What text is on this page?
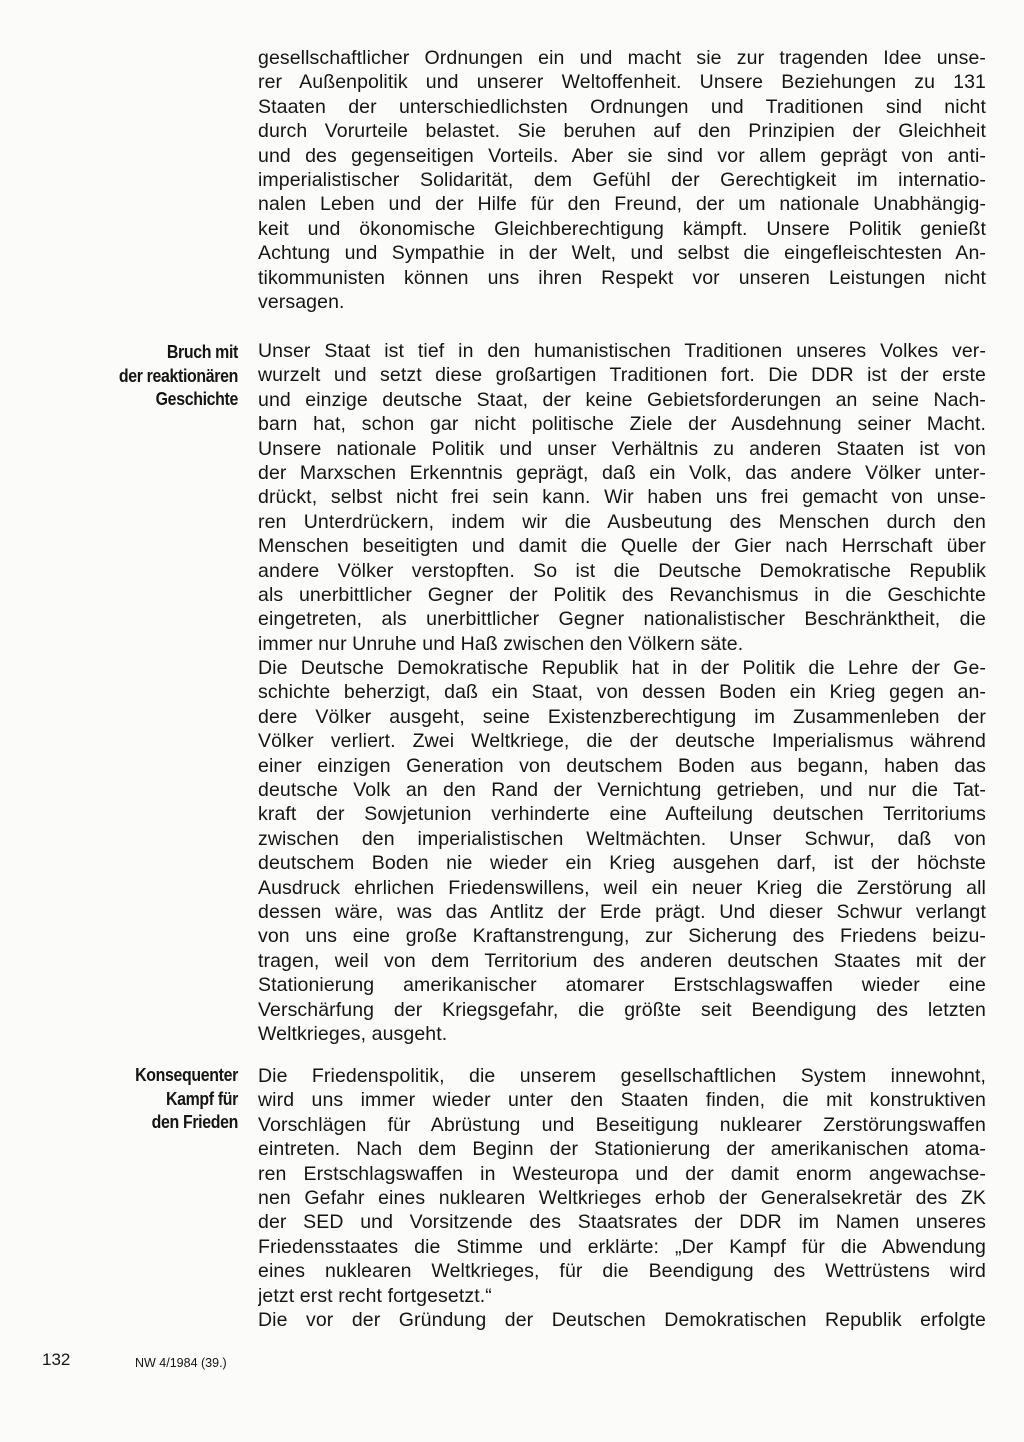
gesellschaftlicher Ordnungen ein und macht sie zur tragenden Idee unse-
rer Außenpolitik und unserer Weltoffenheit. Unsere Beziehungen zu 131
Staaten der unterschiedlichsten Ordnungen und Traditionen sind nicht
durch Vorurteile belastet. Sie beruhen auf den Prinzipien der Gleichheit
und des gegenseitigen Vorteils. Aber sie sind vor allem geprägt von anti-
imperialistischer Solidarität, dem Gefühl der Gerechtigkeit im internatio-
nalen Leben und der Hilfe für den Freund, der um nationale Unabhängig-
keit und ökonomische Gleichberechtigung kämpft. Unsere Politik genießt
Achtung und Sympathie in der Welt, und selbst die eingefleischtesten An-
tikommunisten können uns ihren Respekt vor unseren Leistungen nicht
versagen.
Bruch mit
der reaktionären
Geschichte
Unser Staat ist tief in den humanistischen Traditionen unseres Volkes ver-
wurzelt und setzt diese großartigen Traditionen fort. Die DDR ist der erste
und einzige deutsche Staat, der keine Gebietsforderungen an seine Nach-
barn hat, schon gar nicht politische Ziele der Ausdehnung seiner Macht.
Unsere nationale Politik und unser Verhältnis zu anderen Staaten ist von
der Marxschen Erkenntnis geprägt, daß ein Volk, das andere Völker unter-
drückt, selbst nicht frei sein kann. Wir haben uns frei gemacht von unse-
ren Unterdrückern, indem wir die Ausbeutung des Menschen durch den
Menschen beseitigten und damit die Quelle der Gier nach Herrschaft über
andere Völker verstopften. So ist die Deutsche Demokratische Republik
als unerbittlicher Gegner der Politik des Revanchismus in die Geschichte
eingetreten, als unerbittlicher Gegner nationalistischer Beschränktheit, die
immer nur Unruhe und Haß zwischen den Völkern säte.
Die Deutsche Demokratische Republik hat in der Politik die Lehre der Ge-
schichte beherzigt, daß ein Staat, von dessen Boden ein Krieg gegen an-
dere Völker ausgeht, seine Existenzberechtigung im Zusammenleben der
Völker verliert. Zwei Weltkriege, die der deutsche Imperialismus während
einer einzigen Generation von deutschem Boden aus begann, haben das
deutsche Volk an den Rand der Vernichtung getrieben, und nur die Tat-
kraft der Sowjetunion verhinderte eine Aufteilung deutschen Territoriums
zwischen den imperialistischen Weltmächten. Unser Schwur, daß von
deutschem Boden nie wieder ein Krieg ausgehen darf, ist der höchste
Ausdruck ehrlichen Friedenswillens, weil ein neuer Krieg die Zerstörung all
dessen wäre, was das Antlitz der Erde prägt. Und dieser Schwur verlangt
von uns eine große Kraftanstrengung, zur Sicherung des Friedens beizu-
tragen, weil von dem Territorium des anderen deutschen Staates mit der
Stationierung amerikanischer atomarer Erstschlagswaffen wieder eine
Verschärfung der Kriegsgefahr, die größte seit Beendigung des letzten
Weltkrieges, ausgeht.
Konsequenter
Kampf für
den Frieden
Die Friedenspolitik, die unserem gesellschaftlichen System innewohnt,
wird uns immer wieder unter den Staaten finden, die mit konstruktiven
Vorschlägen für Abrüstung und Beseitigung nuklearer Zerstörungswaffen
eintreten. Nach dem Beginn der Stationierung der amerikanischen atoma-
ren Erstschlagswaffen in Westeuropa und der damit enorm angewachse-
nen Gefahr eines nuklearen Weltkrieges erhob der Generalsekretär des ZK
der SED und Vorsitzende des Staatsrates der DDR im Namen unseres
Friedensstaates die Stimme und erklärte: „Der Kampf für die Abwendung
eines nuklearen Weltkrieges, für die Beendigung des Wettrüstens wird
jetzt erst recht fortgesetzt.“
Die vor der Gründung der Deutschen Demokratischen Republik erfolgte
132	NW 4/1984 (39.)
